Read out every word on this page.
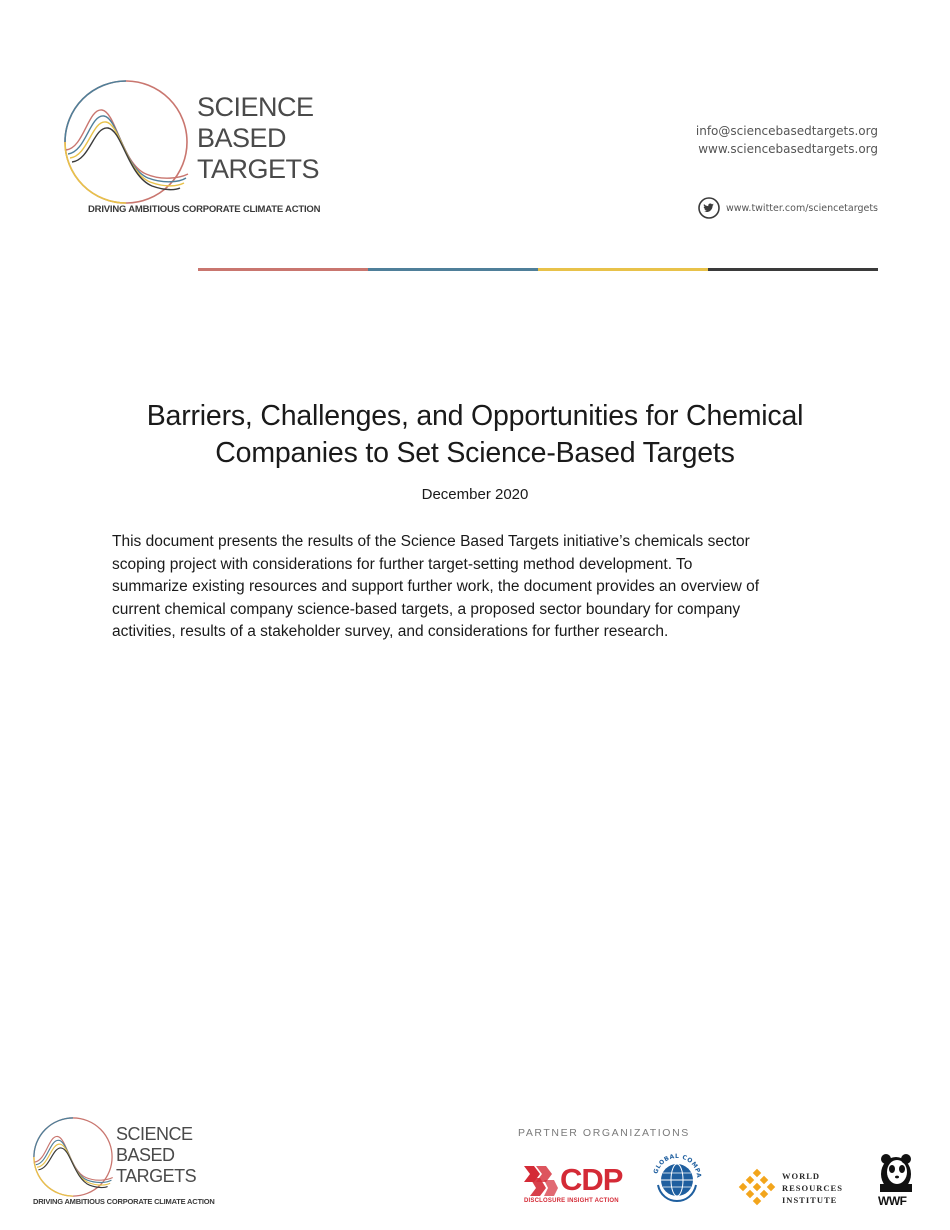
SCIENCE
BASED
TARGETS
DRIVING AMBITIOUS CORPORATE CLIMATE ACTION
info@sciencebasedtargets.org
www.sciencebasedtargets.org
www.twitter.com/sciencetargets
Barriers, Challenges, and Opportunities for Chemical
Companies to Set Science-Based Targets
December 2020

This document presents the results of the Science Based Targets initiative’s chemicals sector
scoping project with considerations for further target-setting method development. To
summarize existing resources and support further work, the document provides an overview of
current chemical company science-based targets, a proposed sector boundary for company
activities, results of a stakeholder survey, and considerations for further research.

SCIENCE
BASED
TARGETS
DRIVING AMBITIOUS CORPORATE CLIMATE ACTION
PARTNER ORGANIZATIONS
CDP
DISCLOSURE INSIGHT ACTION
GLOBAL COMPA	WORLD
RESOURCES
INSTITUTE	WWF
